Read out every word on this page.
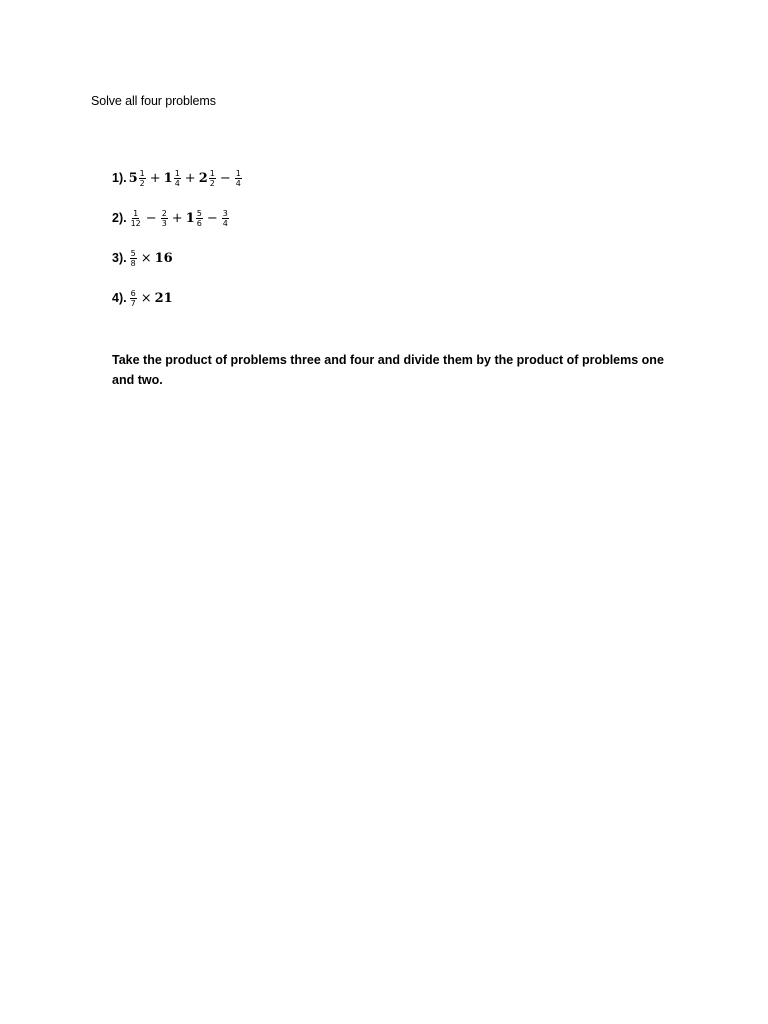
Solve all four problems
1). $5 \frac{1}{2} + 1 \frac{1}{4} + 2 \frac{1}{2} - \frac{1}{4}$
2). $\frac{1}{12} - \frac{2}{3} + 1 \frac{5}{6} - \frac{3}{4}$
3). $\frac{5}{8} \times 16$
4). $\frac{6}{7} \times 21$

Take the product of problems three and four and divide them by the product of problems one and two.
